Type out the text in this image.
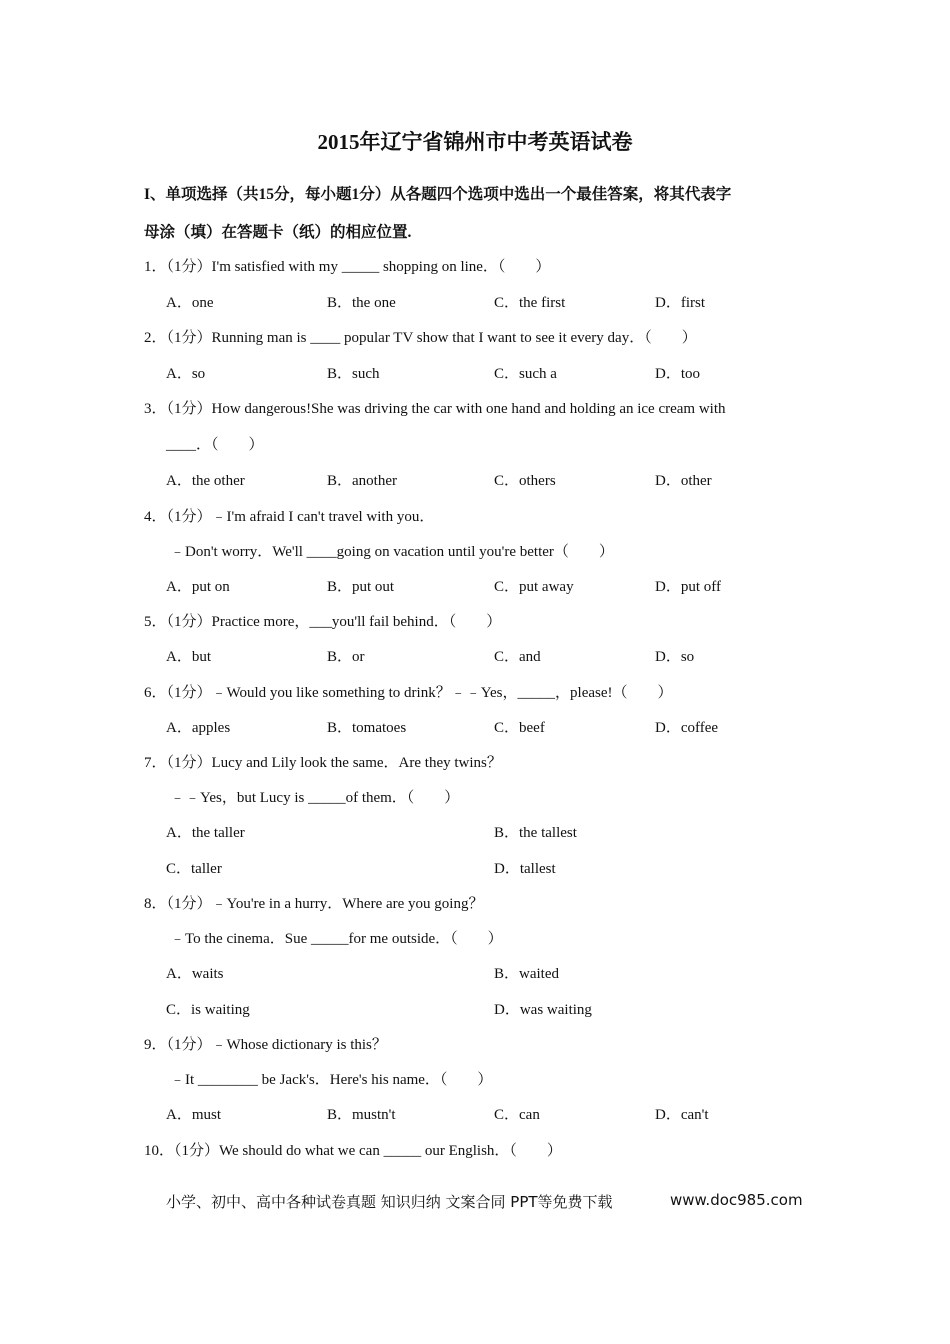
2015年辽宁省锦州市中考英语试卷
I、单项选择（共15分，每小题1分）从各题四个选项中选出一个最佳答案，将其代表字
母涂（填）在答题卡（纸）的相应位置.
1．（1分）I'm satisfied with my _____ shopping on line．（　　）
A．one	B．the one	C．the first	D．first
2．（1分）Running man is ____ popular TV show that I want to see it every day．（　　）
A．so	B．such	C．such a	D．too
3．（1分）How dangerous!She was driving the car with one hand and holding an ice cream with
____．（　　）
A．the other	B．another	C．others	D．other
4．（1分）﹣I'm afraid I can't travel with you．
﹣Don't worry．We'll ____going on vacation until you're better（　　）
A．put on	B．put out	C．put away	D．put off
5．（1分）Practice more，___you'll fail behind．（　　）
A．but	B．or	C．and	D．so
6．（1分）﹣Would you like something to drink？﹣﹣Yes，_____，please!（　　）
A．apples	B．tomatoes	C．beef	D．coffee
7．（1分）Lucy and Lily look the same．Are they twins？
﹣﹣Yes，but Lucy is _____of them．（　　）
A．the taller	B．the tallest
C．taller	D．tallest
8．（1分）﹣You're in a hurry．Where are you going？
﹣To the cinema．Sue _____for me outside．（　　）
A．waits	B．waited
C．is waiting	D．was waiting
9．（1分）﹣Whose dictionary is this？
﹣It ________ be Jack's．Here's his name．（　　）
A．must	B．mustn't	C．can	D．can't
10．（1分）We should do what we can _____ our English．（　　）
小学、初中、高中各种试卷真题 知识归纳 文案合同 PPT等免费下载	www.doc985.com
